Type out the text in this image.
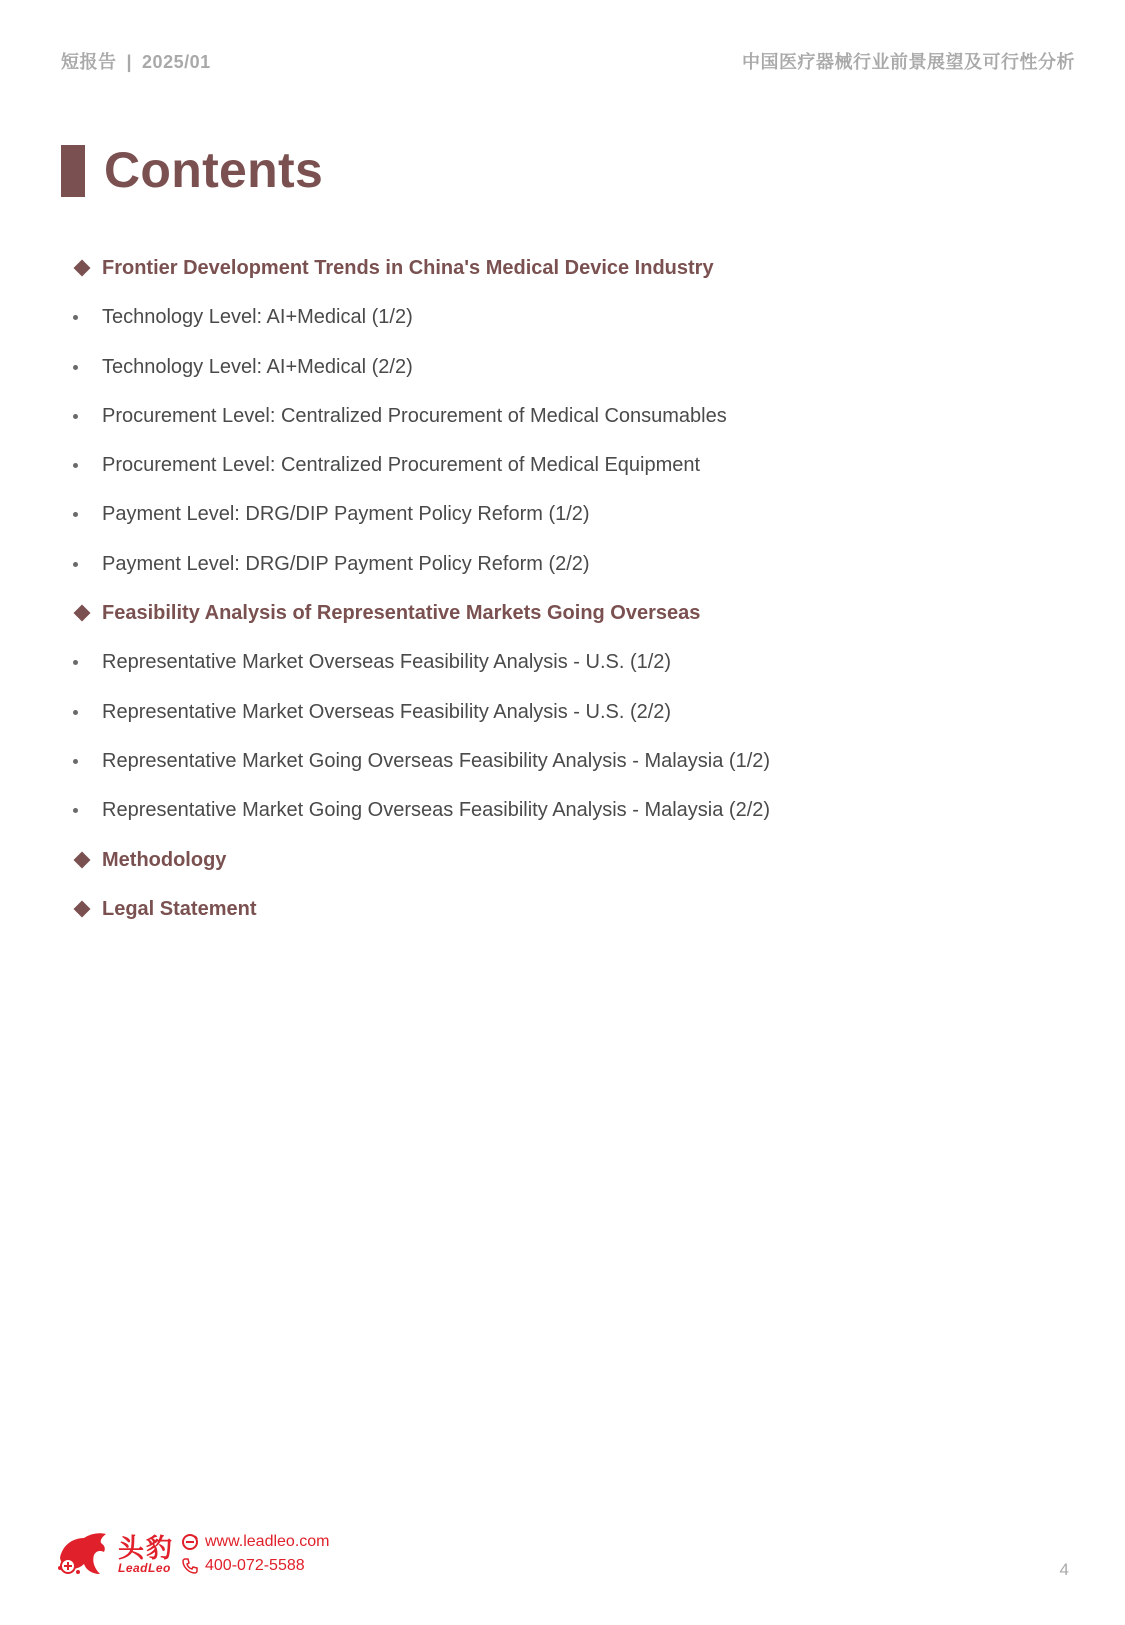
短报告 | 2025/01	中国医疗器械行业前景展望及可行性分析
Contents
Frontier Development Trends in China's Medical Device Industry
Technology Level: AI+Medical (1/2)
Technology Level: AI+Medical (2/2)
Procurement Level: Centralized Procurement of Medical Consumables
Procurement Level: Centralized Procurement of Medical Equipment
Payment Level: DRG/DIP Payment Policy Reform (1/2)
Payment Level: DRG/DIP Payment Policy Reform (2/2)
Feasibility Analysis of Representative Markets Going Overseas
Representative Market Overseas Feasibility Analysis - U.S. (1/2)
Representative Market Overseas Feasibility Analysis - U.S. (2/2)
Representative Market Going Overseas Feasibility Analysis - Malaysia (1/2)
Representative Market Going Overseas Feasibility Analysis - Malaysia (2/2)
Methodology
Legal Statement
头豹
LeadLeo
www.leadleo.com
400-072-5588	4
